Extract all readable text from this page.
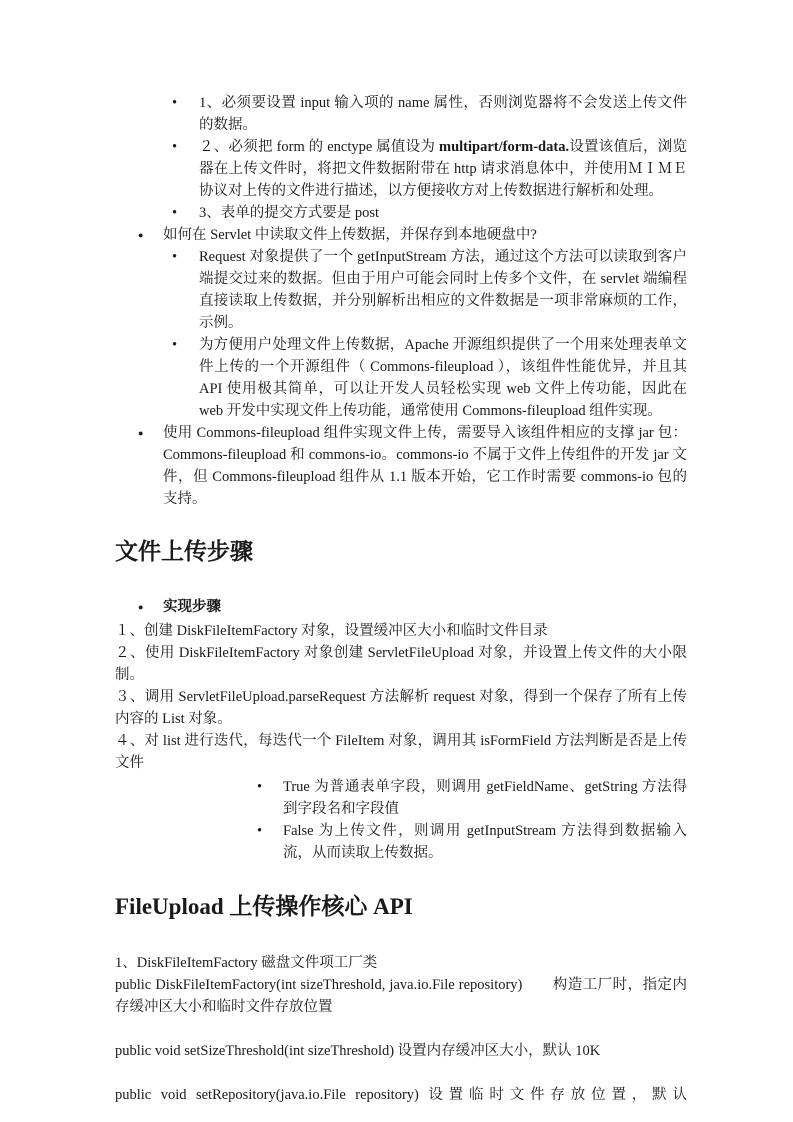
• 1、必须要设置 input 输入项的 name 属性，否则浏览器将不会发送上传文件的数据。
• ２、必须把 form 的 enctype 属值设为 multipart/form-data.设置该值后，浏览器在上传文件时，将把文件数据附带在 http 请求消息体中，并使用ＭＩＭＥ协议对上传的文件进行描述，以方便接收方对上传数据进行解析和处理。
• 3、表单的提交方式要是 post
● 如何在 Servlet 中读取文件上传数据，并保存到本地硬盘中?
• Request 对象提供了一个 getInputStream 方法，通过这个方法可以读取到客户端提交过来的数据。但由于用户可能会同时上传多个文件，在 servlet 端编程直接读取上传数据，并分别解析出相应的文件数据是一项非常麻烦的工作，示例。
• 为方便用户处理文件上传数据，Apache 开源组织提供了一个用来处理表单文件上传的一个开源组件（ Commons-fileupload ），该组件性能优异，并且其 API 使用极其简单，可以让开发人员轻松实现 web 文件上传功能，因此在 web 开发中实现文件上传功能，通常使用 Commons-fileupload 组件实现。
● 使用 Commons-fileupload 组件实现文件上传，需要导入该组件相应的支撑 jar 包：Commons-fileupload 和 commons-io。commons-io 不属于文件上传组件的开发 jar 文件，但 Commons-fileupload 组件从 1.1 版本开始，它工作时需要 commons-io 包的支持。
文件上传步骤
● 实现步骤
１、创建 DiskFileItemFactory 对象，设置缓冲区大小和临时文件目录
２、使用 DiskFileItemFactory 对象创建 ServletFileUpload 对象，并设置上传文件的大小限制。
３、调用 ServletFileUpload.parseRequest 方法解析 request 对象，得到一个保存了所有上传内容的 List 对象。
４、对 list 进行迭代，每迭代一个 FileItem 对象，调用其 isFormField 方法判断是否是上传文件
• True 为普通表单字段，则调用 getFieldName、getString 方法得到字段名和字段值
• False 为上传文件，则调用 getInputStream 方法得到数据输入流，从而读取上传数据。
FileUpload 上传操作核心 API
1、DiskFileItemFactory 磁盘文件项工厂类
public DiskFileItemFactory(int sizeThreshold, java.io.File repository)　　构造工厂时，指定内存缓冲区大小和临时文件存放位置
public void setSizeThreshold(int sizeThreshold) 设置内存缓冲区大小，默认 10K
public void setRepository(java.io.File repository) 设置临时文件存放位置，默认
